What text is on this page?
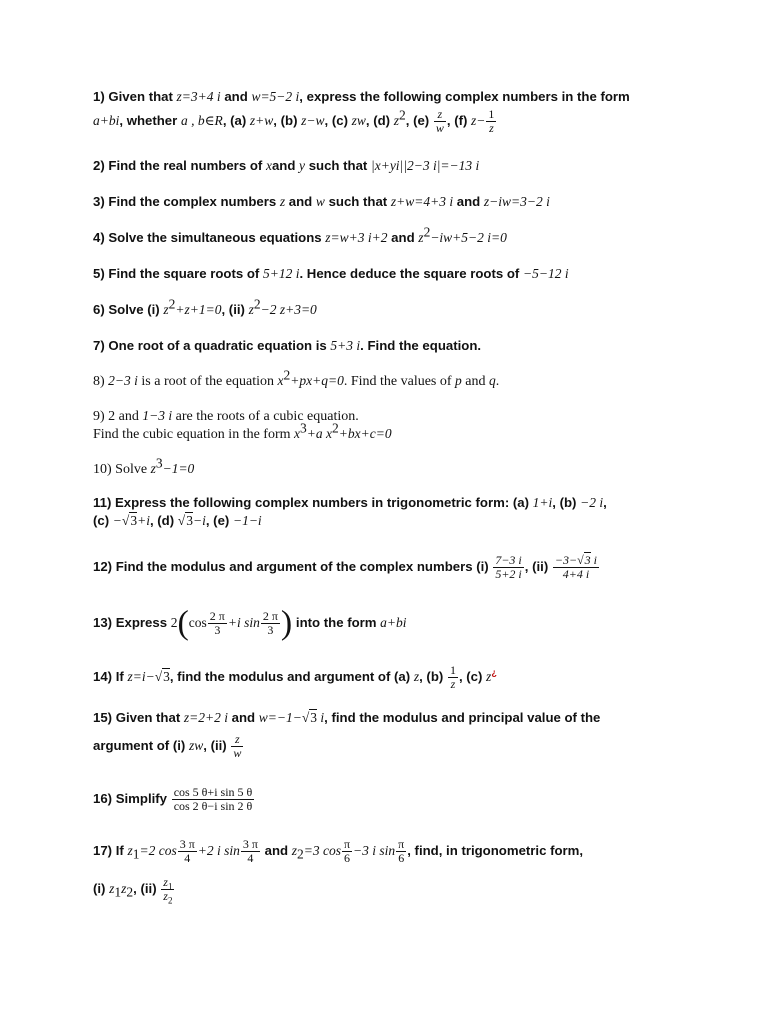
1) Given that z=3+4 i and w=5−2 i, express the following complex numbers in the form
a+bi, whether a , b∈R, (a) z+w, (b) z−w, (c) zw, (d) $z^2$, $(e) \frac{z}{w}$ , (f) $z- \frac{1}{z}$
2) Find the real numbers of xand y such that |x+yi||2−3 i|=−13 i
3) Find the complex numbers z and w such that z+w=4+3 i and z−iw=3−2 i
4) Solve the simultaneous equations z=w+3 i+2 and $z^2-iw+5-2$ i=0
5) Find the square roots of 5+12 i. Hence deduce the square roots of −5−12 i
6) Solve (i) $z^2+z+1=0$, (ii) $z^2-2$ z+3=0
7) One root of a quadratic equation is 5+3 i. Find the equation.
8) 2−3 i is a root of the equation $x^2+px+q=0$. Find the values of p and q.
9) 2 and 1−3 i are the roots of a cubic equation.
Find the cubic equation in the form $x^3+a$ $x^2+bx+c=0$
10) Solve $z^3-1=0$
11) Express the following complex numbers in trigonometric form: (a) 1+i, (b) −2 i,
(c) −√3+i, (d) √3−i, (e) −1−i
12) Find the modulus and argument of the complex numbers $(i) \frac{7-3 i}{5+2 i}$ , $(ii) \frac{-3-√3 i}{4+4 i}$
13) Express $2(\cos \frac{2 \pi}{3} +i$ $\sin \frac{2 \pi}{3}$ ) into the form a+bi
14) If z=i−√3, find the modulus and argument of (a) z, $(b) \frac{1}{z}$ , (c) z¿
15) Given that z=2+2 i and w=−1−√3 i, find the modulus and principal value of the
argument of (i) zw, $(ii) \frac{z}{w}$
16) Simplify $\frac{\text{cos 5 θ+i sin 5 θ}}{\text{cos 2 θ−i sin 2 θ}}$
17) If $z_1=2$ $\cos \frac{3 \pi}{4} +2$ i $\sin \frac{3 \pi}{4}$ and $z_2=3$ $\cos \frac{\pi}{6} -3$ i $\sin \frac{\pi}{6}$ , find, in trigonometric form,
(i) $z_1z_2$, $(ii) \frac{z_1}{z_2}$
